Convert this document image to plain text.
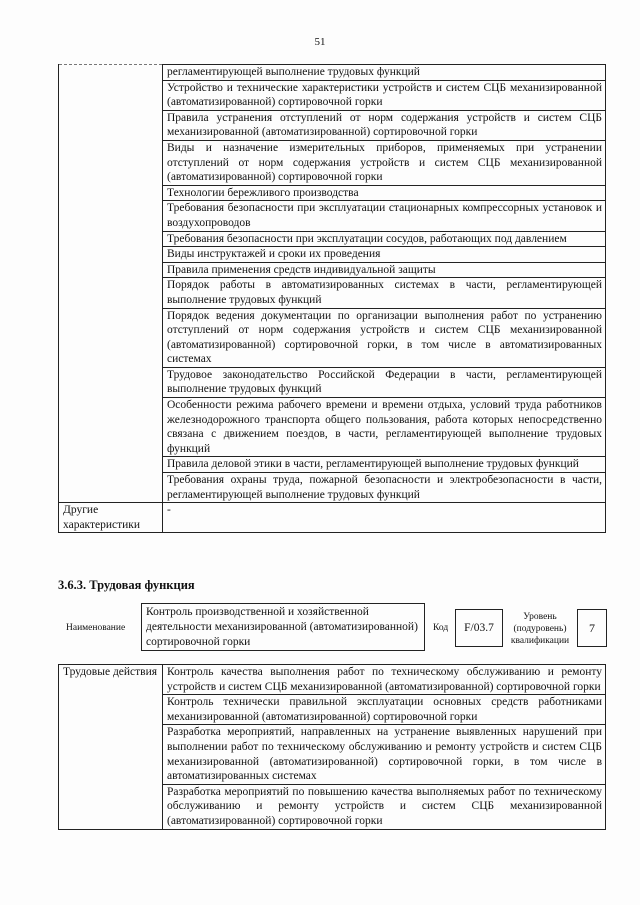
51
	регламентирующей выполнение трудовых функций
	Устройство и технические характеристики устройств и систем СЦБ механизированной (автоматизированной) сортировочной горки
	Правила устранения отступлений от норм содержания устройств и систем СЦБ механизированной (автоматизированной) сортировочной горки
	Виды и назначение измерительных приборов, применяемых при устранении отступлений от норм содержания устройств и систем СЦБ механизированной (автоматизированной) сортировочной горки
	Технологии бережливого производства
	Требования безопасности при эксплуатации стационарных компрессорных установок и воздухопроводов
	Требования безопасности при эксплуатации сосудов, работающих под давлением
	Виды инструктажей и сроки их проведения
	Правила применения средств индивидуальной защиты
	Порядок работы в автоматизированных системах в части, регламентирующей выполнение трудовых функций
	Порядок ведения документации по организации выполнения работ по устранению отступлений от норм содержания устройств и систем СЦБ механизированной (автоматизированной) сортировочной горки, в том числе в автоматизированных системах
	Трудовое законодательство Российской Федерации в части, регламентирующей выполнение трудовых функций
	Особенности режима рабочего времени и времени отдыха, условий труда работников железнодорожного транспорта общего пользования, работа которых непосредственно связана с движением поездов, в части, регламентирующей выполнение трудовых функций
	Правила деловой этики в части, регламентирующей выполнение трудовых функций
	Требования охраны труда, пожарной безопасности и электробезопасности в части, регламентирующей выполнение трудовых функций
Другие характеристики	-
3.6.3. Трудовая функция
Наименование
Контроль производственной и хозяйственной деятельности механизированной (автоматизированной) сортировочной горки
Код	F/03.7
Уровень (подуровень) квалификации
7
Трудовые действия	Контроль качества выполнения работ по техническому обслуживанию и ремонту устройств и систем СЦБ механизированной (автоматизированной) сортировочной горки
Контроль технически правильной эксплуатации основных средств работниками механизированной (автоматизированной) сортировочной горки
Разработка мероприятий, направленных на устранение выявленных нарушений при выполнении работ по техническому обслуживанию и ремонту устройств и систем СЦБ механизированной (автоматизированной) сортировочной горки, в том числе в автоматизированных системах
Разработка мероприятий по повышению качества выполняемых работ по техническому обслуживанию и ремонту устройств и систем СЦБ механизированной (автоматизированной) сортировочной горки
